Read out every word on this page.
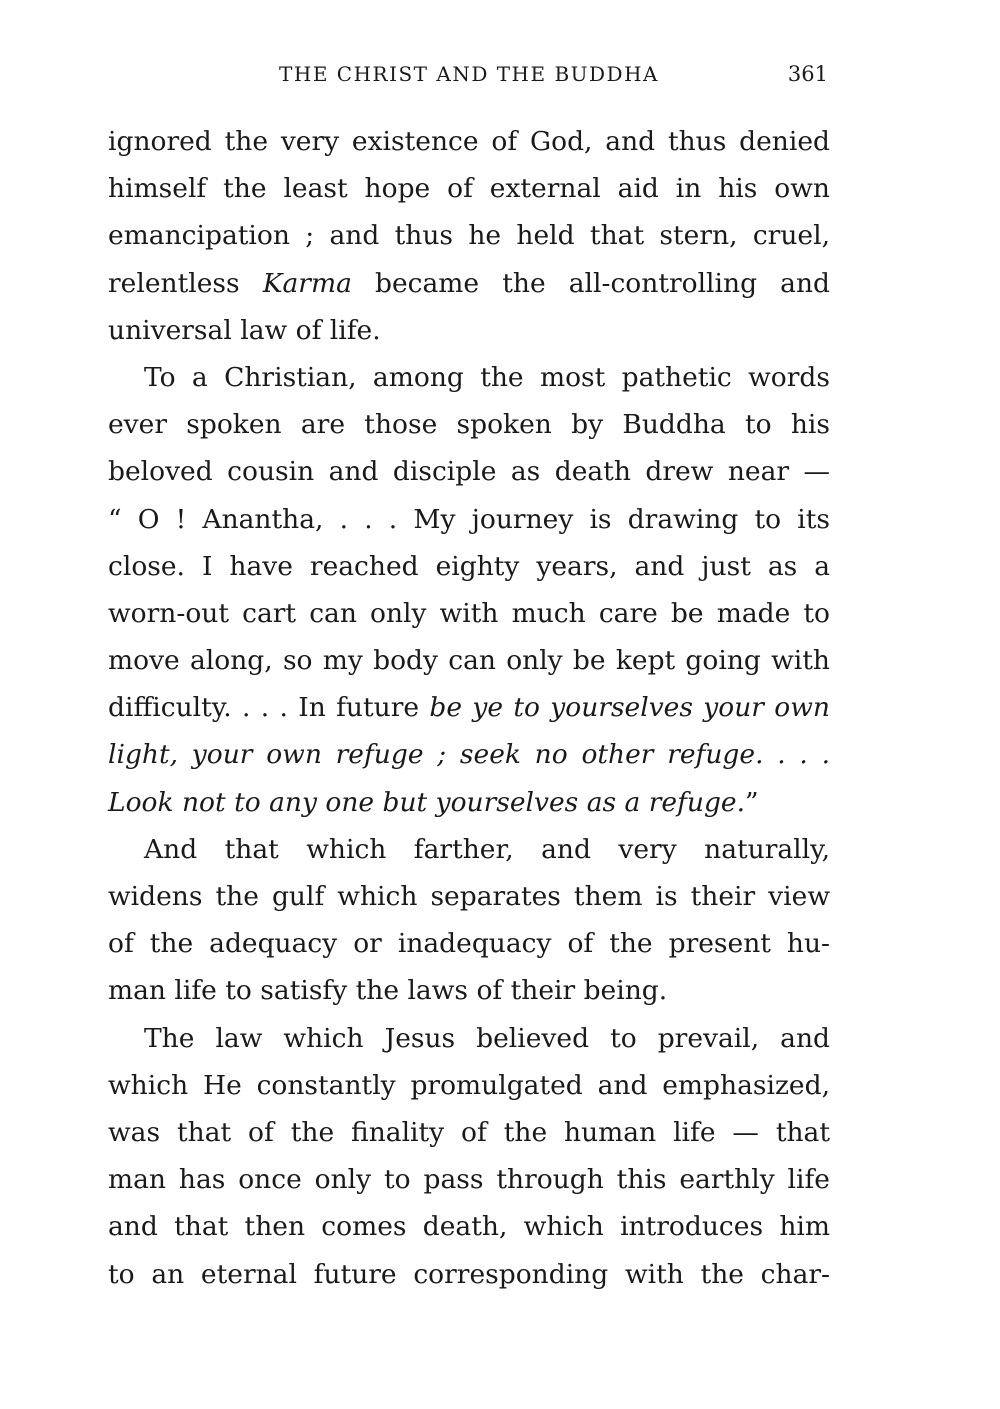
THE CHRIST AND THE BUDDHA	361
ignored the very existence of God, and thus denied
himself the least hope of external aid in his own
emancipation ; and thus he held that stern, cruel,
relentless Karma became the all-controlling and
universal law of life.
To a Christian, among the most pathetic words
ever spoken are those spoken by Buddha to his
beloved cousin and disciple as death drew near —
“ O ! Anantha, . . . My journey is drawing to its
close. I have reached eighty years, and just as a
worn-out cart can only with much care be made to
move along, so my body can only be kept going with
difficulty. . . . In future be ye to yourselves your own
light, your own refuge ; seek no other refuge. . . .
Look not to any one but yourselves as a refuge.”
And that which farther, and very naturally,
widens the gulf which separates them is their view
of the adequacy or inadequacy of the present hu-
man life to satisfy the laws of their being.
The law which Jesus believed to prevail, and
which He constantly promulgated and emphasized,
was that of the finality of the human life — that
man has once only to pass through this earthly life
and that then comes death, which introduces him
to an eternal future corresponding with the char-
